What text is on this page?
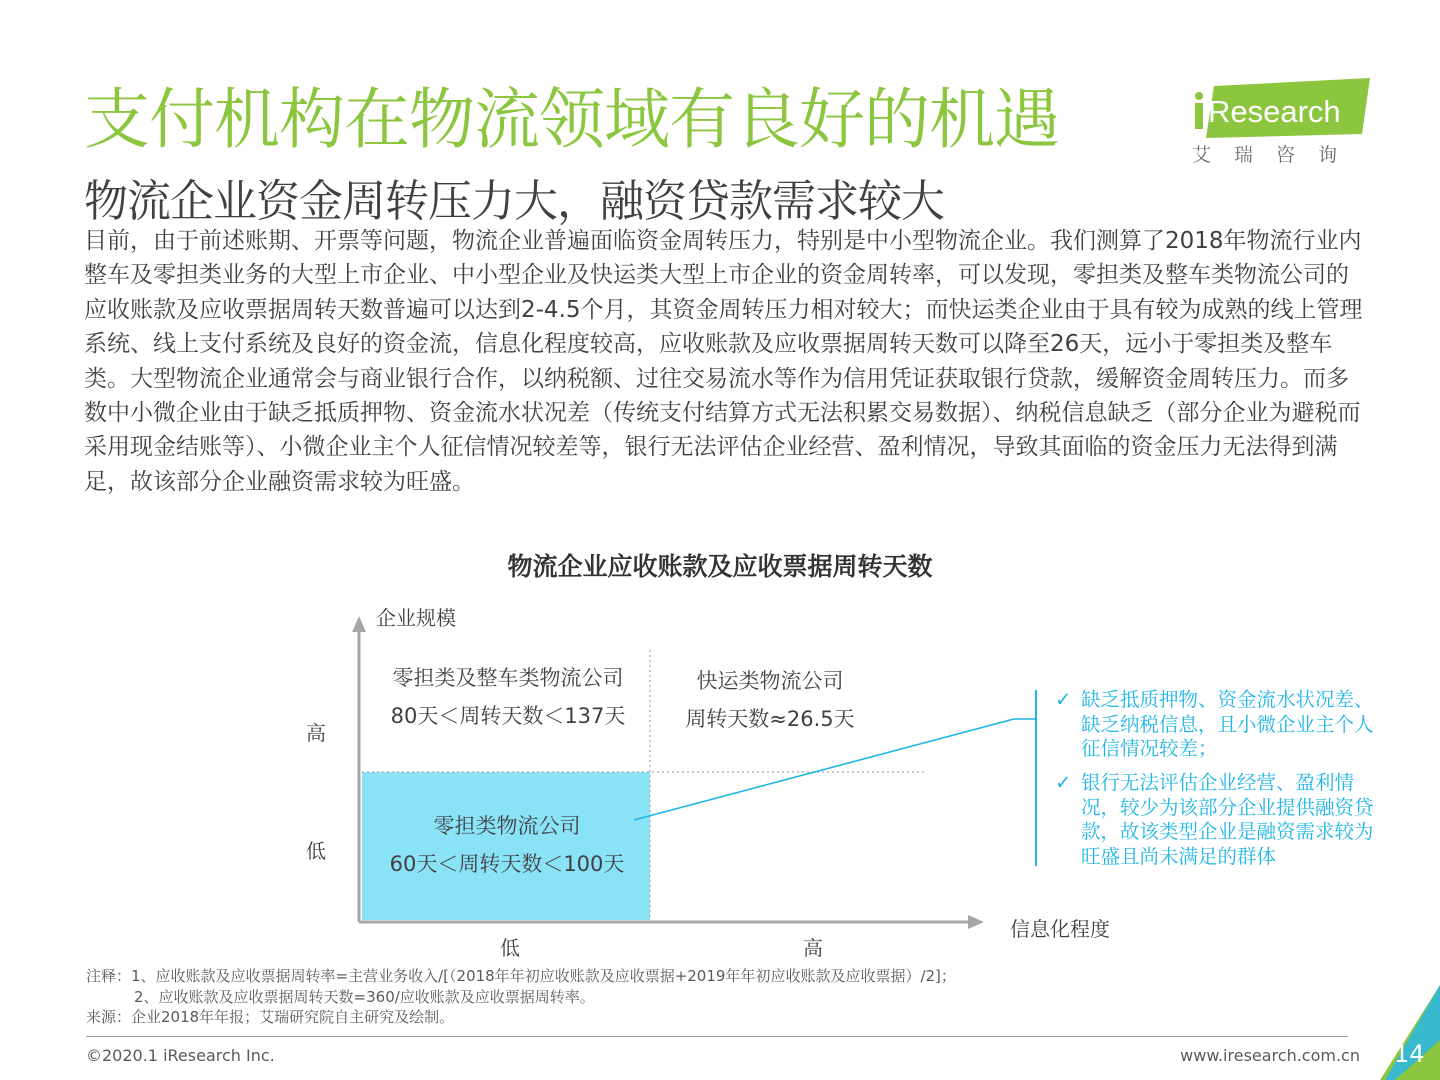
支付机构在物流领域有良好的机遇
物流企业资金周转压力大，融资贷款需求较大
Research
艾瑞咨询
目前，由于前述账期、开票等问题，物流企业普遍面临资金周转压力，特别是中小型物流企业。我们测算了2018年物流行业内整车及零担类业务的大型上市企业、中小型企业及快运类大型上市企业的资金周转率，可以发现，零担类及整车类物流公司的应收账款及应收票据周转天数普遍可以达到2-4.5个月，其资金周转压力相对较大；而快运类企业由于具有较为成熟的线上管理系统、线上支付系统及良好的资金流，信息化程度较高，应收账款及应收票据周转天数可以降至26天，远小于零担类及整车类。大型物流企业通常会与商业银行合作，以纳税额、过往交易流水等作为信用凭证获取银行贷款，缓解资金周转压力。而多数中小微企业由于缺乏抵质押物、资金流水状况差（传统支付结算方式无法积累交易数据）、纳税信息缺乏（部分企业为避税而采用现金结账等）、小微企业主个人征信情况较差等，银行无法评估企业经营、盈利情况，导致其面临的资金压力无法得到满足，故该部分企业融资需求较为旺盛。
物流企业应收账款及应收票据周转天数
企业规模
信息化程度
高
低
低	高
零担类及整车类物流公司
80天＜周转天数＜137天
快运类物流公司
周转天数≈26.5天
零担类物流公司
60天＜周转天数＜100天
✓ 缺乏抵质押物、资金流水状况差、缺乏纳税信息，且小微企业主个人征信情况较差；
✓ 银行无法评估企业经营、盈利情况，较少为该部分企业提供融资贷款，故该类型企业是融资需求较为旺盛且尚未满足的群体
注释：1、应收账款及应收票据周转率=主营业务收入/[（2018年年初应收账款及应收票据+2019年年初应收账款及应收票据）/2]；
2、应收账款及应收票据周转天数=360/应收账款及应收票据周转率。
来源：企业2018年年报；艾瑞研究院自主研究及绘制。
©2020.1 iResearch Inc.	www.iresearch.com.cn 14
